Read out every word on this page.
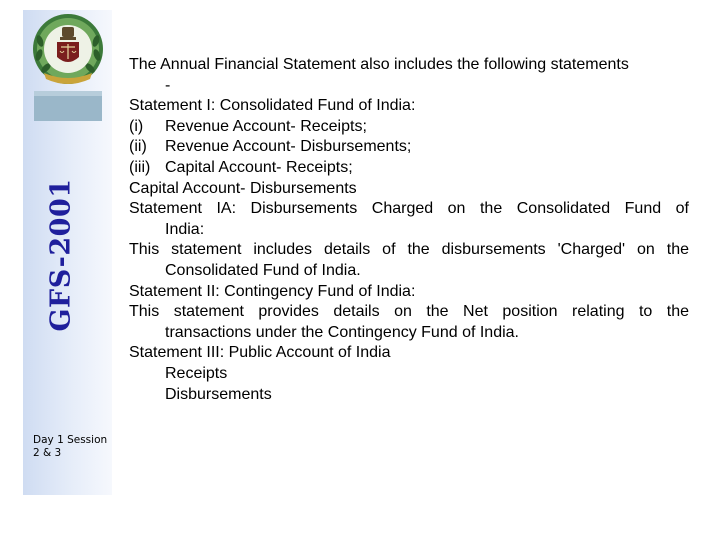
GFS-2001
Day 1 Session 2 & 3
The Annual Financial Statement also includes the following statements
-
Statement I: Consolidated Fund of India:
(i) Revenue Account- Receipts;
(ii) Revenue Account- Disbursements;
(iii) Capital Account- Receipts;
Capital Account- Disbursements
Statement IA: Disbursements Charged on the Consolidated Fund of
India:
This statement includes details of the disbursements 'Charged' on the
Consolidated Fund of India.
Statement II: Contingency Fund of India:
This statement provides details on the Net position relating to the
transactions under the Contingency Fund of India.
Statement III: Public Account of India
Receipts
Disbursements
